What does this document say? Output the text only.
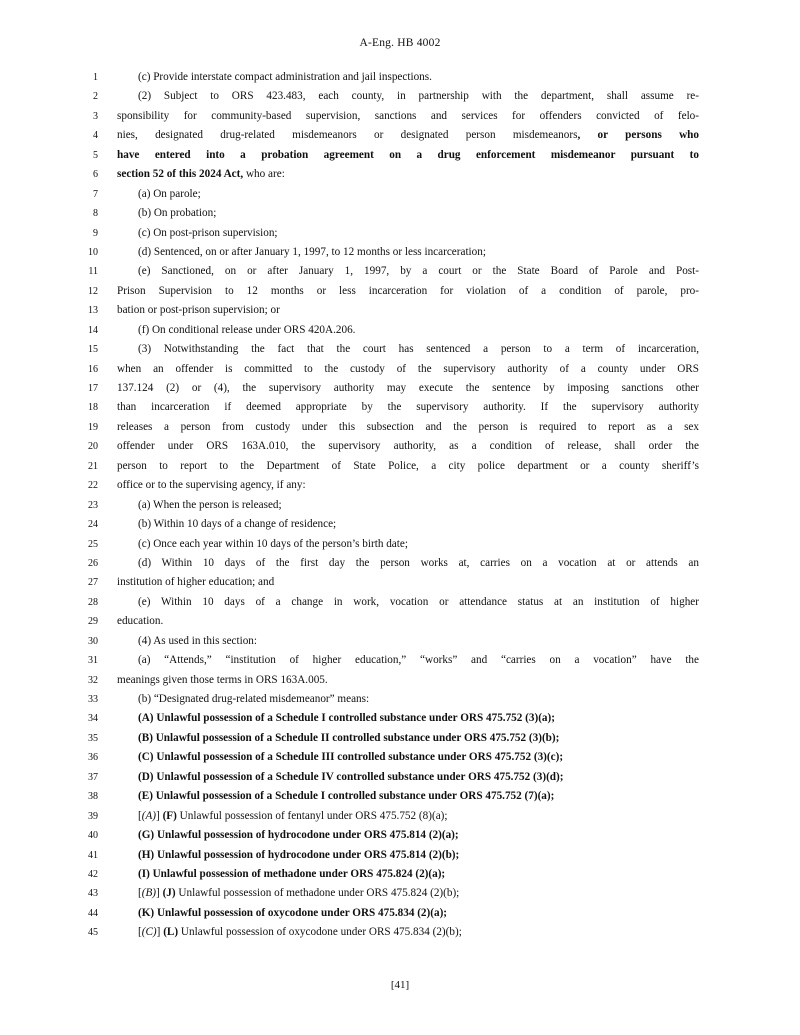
A-Eng. HB 4002
1	(c) Provide interstate compact administration and jail inspections.
2	(2) Subject to ORS 423.483, each county, in partnership with the department, shall assume re-
3 sponsibility for community-based supervision, sanctions and services for offenders convicted of felo-
4 nies, designated drug-related misdemeanors or designated person misdemeanors, or persons who
5 have entered into a probation agreement on a drug enforcement misdemeanor pursuant to
6 section 52 of this 2024 Act, who are:
7	(a) On parole;
8	(b) On probation;
9	(c) On post-prison supervision;
10	(d) Sentenced, on or after January 1, 1997, to 12 months or less incarceration;
11	(e) Sanctioned, on or after January 1, 1997, by a court or the State Board of Parole and Post-
12 Prison Supervision to 12 months or less incarceration for violation of a condition of parole, pro-
13 bation or post-prison supervision; or
14	(f) On conditional release under ORS 420A.206.
15	(3) Notwithstanding the fact that the court has sentenced a person to a term of incarceration,
16 when an offender is committed to the custody of the supervisory authority of a county under ORS
17 137.124 (2) or (4), the supervisory authority may execute the sentence by imposing sanctions other
18 than incarceration if deemed appropriate by the supervisory authority. If the supervisory authority
19 releases a person from custody under this subsection and the person is required to report as a sex
20 offender under ORS 163A.010, the supervisory authority, as a condition of release, shall order the
21 person to report to the Department of State Police, a city police department or a county sheriff’s
22 office or to the supervising agency, if any:
23	(a) When the person is released;
24	(b) Within 10 days of a change of residence;
25	(c) Once each year within 10 days of the person’s birth date;
26	(d) Within 10 days of the first day the person works at, carries on a vocation at or attends an
27 institution of higher education; and
28	(e) Within 10 days of a change in work, vocation or attendance status at an institution of higher
29 education.
30	(4) As used in this section:
31	(a) “Attends,” “institution of higher education,” “works” and “carries on a vocation” have the
32 meanings given those terms in ORS 163A.005.
33	(b) “Designated drug-related misdemeanor” means:
34	(A) Unlawful possession of a Schedule I controlled substance under ORS 475.752 (3)(a);
35	(B) Unlawful possession of a Schedule II controlled substance under ORS 475.752 (3)(b);
36	(C) Unlawful possession of a Schedule III controlled substance under ORS 475.752 (3)(c);
37	(D) Unlawful possession of a Schedule IV controlled substance under ORS 475.752 (3)(d);
38	(E) Unlawful possession of a Schedule I controlled substance under ORS 475.752 (7)(a);
39	[(A)] (F) Unlawful possession of fentanyl under ORS 475.752 (8)(a);
40	(G) Unlawful possession of hydrocodone under ORS 475.814 (2)(a);
41	(H) Unlawful possession of hydrocodone under ORS 475.814 (2)(b);
42	(I) Unlawful possession of methadone under ORS 475.824 (2)(a);
43	[(B)] (J) Unlawful possession of methadone under ORS 475.824 (2)(b);
44	(K) Unlawful possession of oxycodone under ORS 475.834 (2)(a);
45	[(C)] (L) Unlawful possession of oxycodone under ORS 475.834 (2)(b);
[41]
